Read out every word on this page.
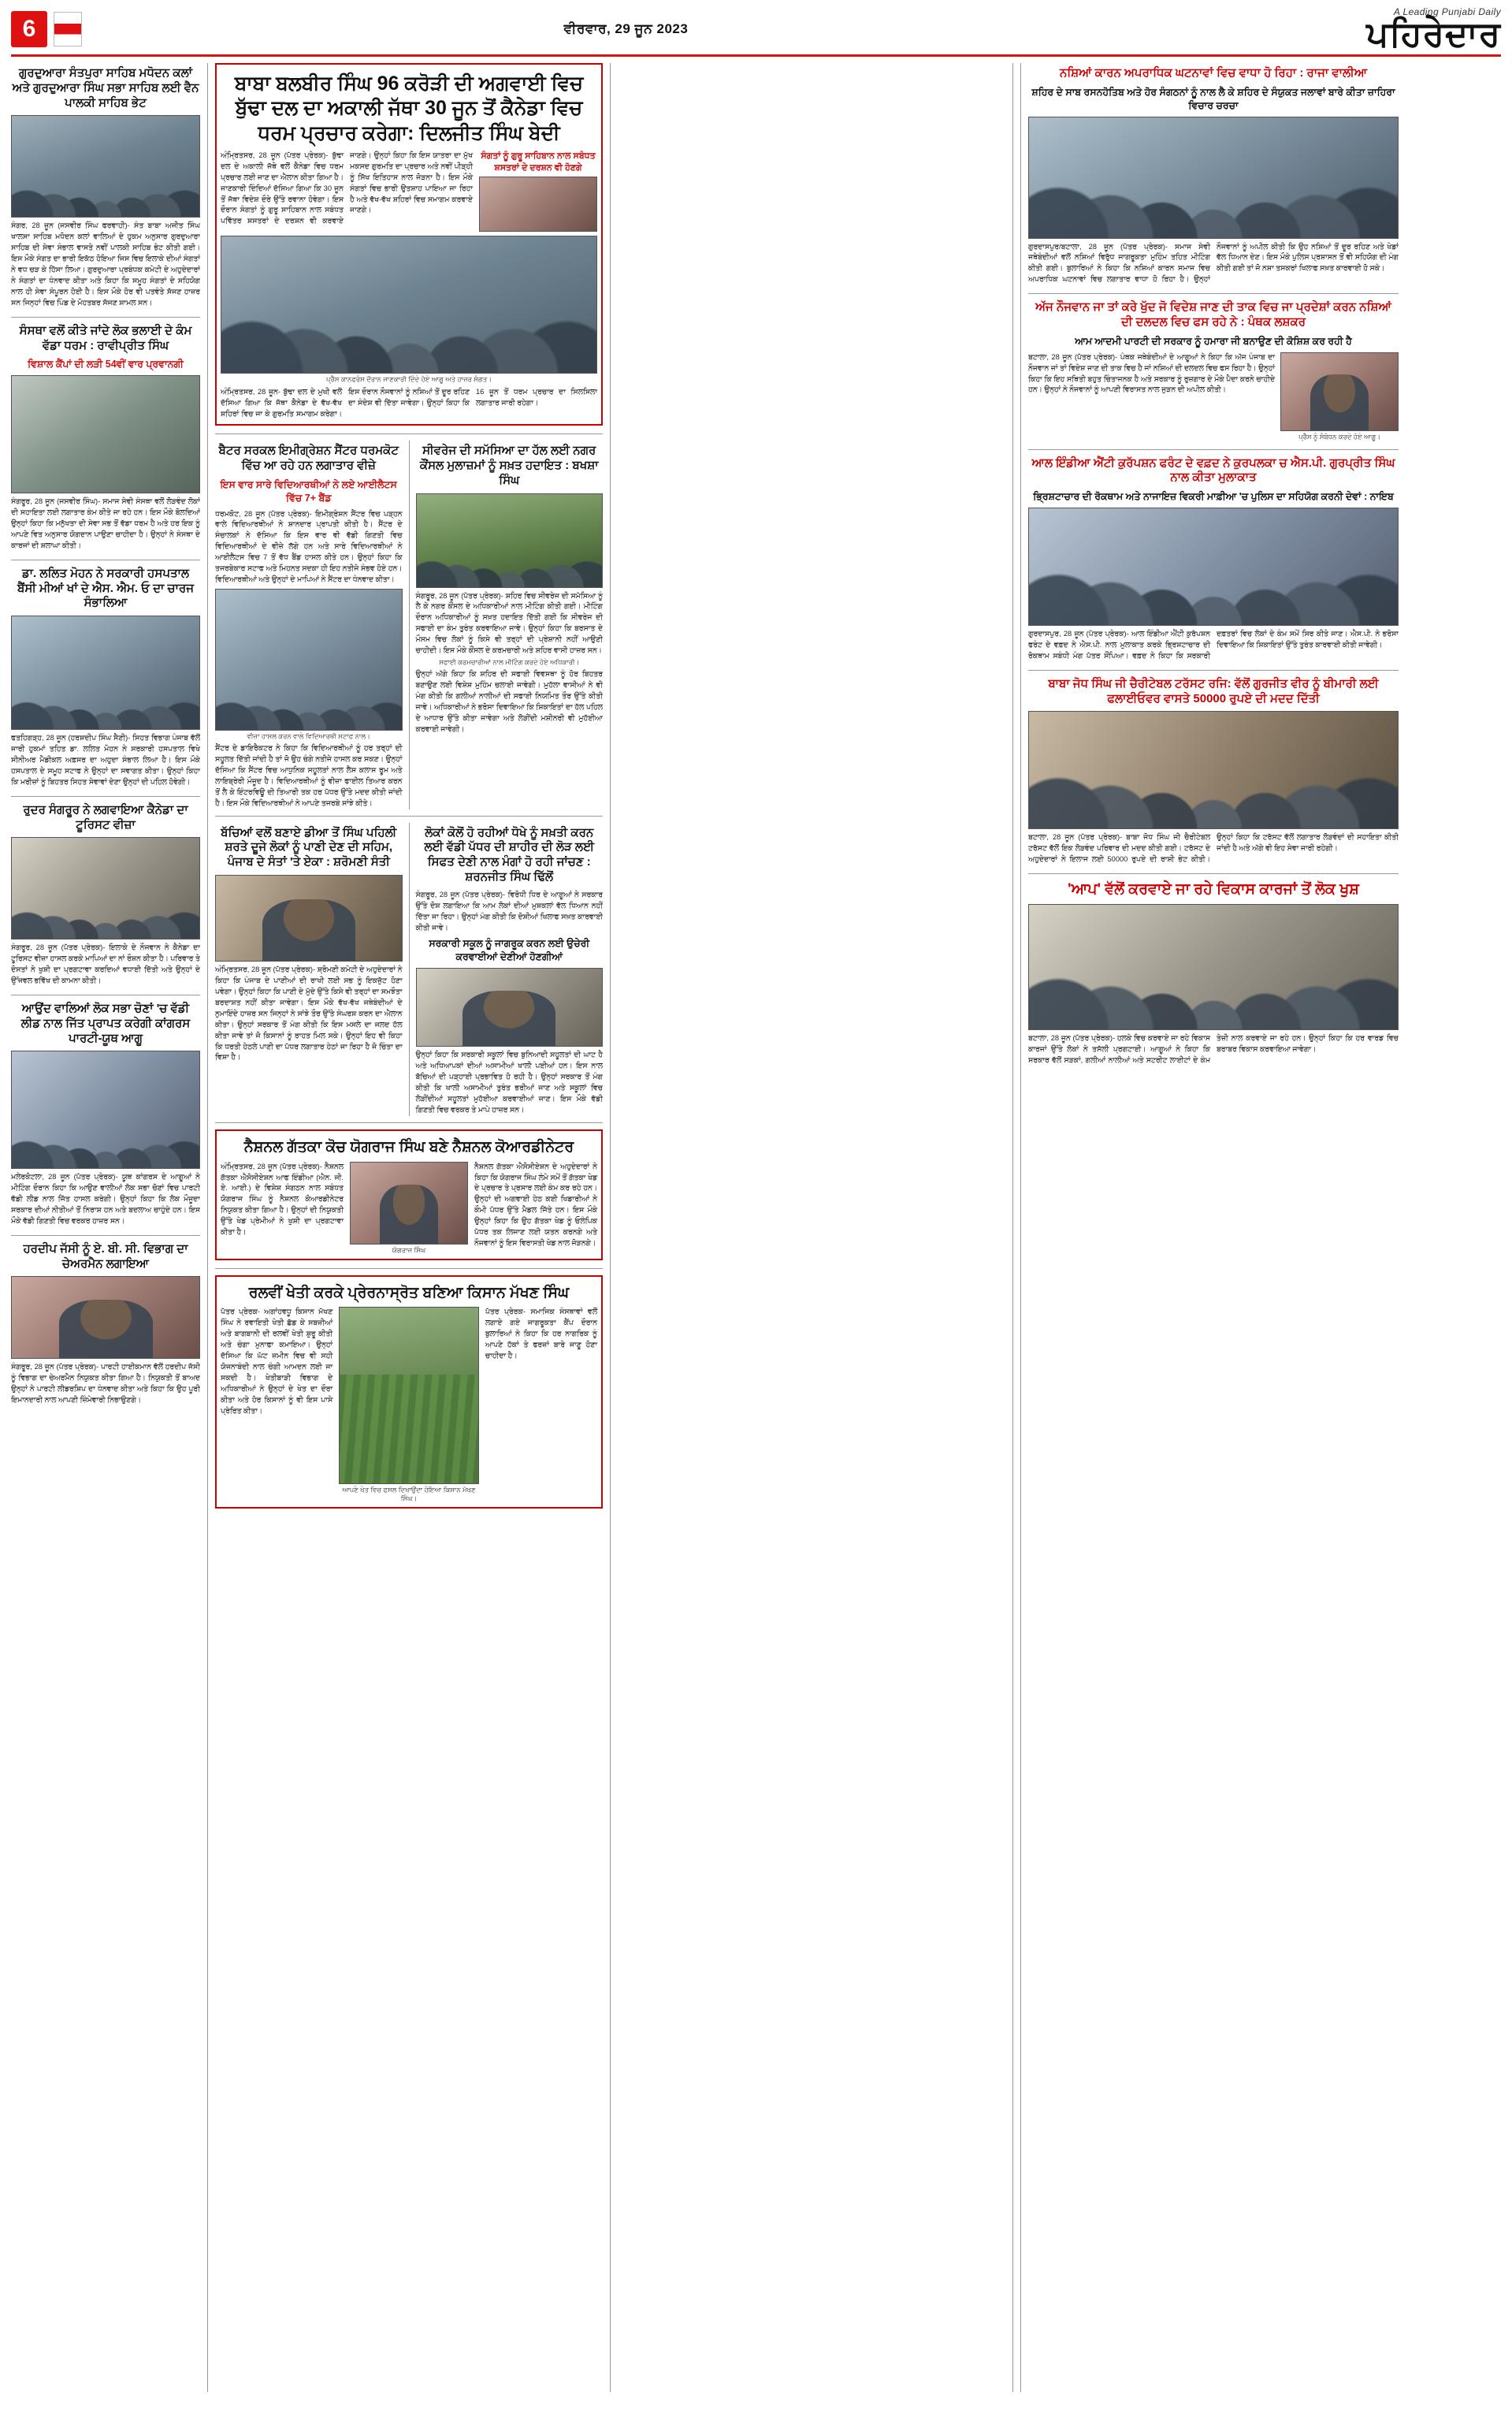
6	ਵੀਰਵਾਰ, 29 ਜੂਨ 2023
A Leading Punjabi Daily
ਪਹਿਰੇਦਾਰ
ਗੁਰਦੁਆਰਾ ਸੰਤਪੁਰਾ ਸਾਹਿਬ ਮਧੋਦਨ ਕਲਾਂ ਅਤੇ ਗੁਰਦੁਆਰਾ ਸਿੰਘ ਸਭਾ ਸਾਹਿਬ ਲਈ ਵੈਨ ਪਾਲਕੀ ਸਾਹਿਬ ਭੇਟ
ਸੰਗਰ, 28 ਜੂਨ (ਜਸਵੀਰ ਸਿੰਘ ਫਰਵਾਹੀ)- ਸੰਤ ਬਾਬਾ ਅਜੀਤ ਸਿੰਘ ਖਾਲਸਾ ਸਾਹਿਬ ਮਧੋਦਨ ਕਲਾਂ ਵਾਲਿਆਂ ਦੇ ਹੁਕਮ ਅਨੁਸਾਰ ਗੁਰਦੁਆਰਾ ਸਾਹਿਬ ਦੀ ਸੇਵਾ ਸੰਭਾਲ ਵਾਸਤੇ ਨਵੀਂ ਪਾਲਕੀ ਸਾਹਿਬ ਭੇਟ ਕੀਤੀ ਗਈ। ਇਸ ਮੌਕੇ ਸੰਗਤ ਦਾ ਭਾਰੀ ਇਕੱਠ ਹੋਇਆ ਜਿਸ ਵਿਚ ਇਲਾਕੇ ਦੀਆਂ ਸੰਗਤਾਂ ਨੇ ਵਧ ਚੜ ਕੇ ਹਿੱਸਾ ਲਿਆ। ਗੁਰਦੁਆਰਾ ਪ੍ਰਬੰਧਕ ਕਮੇਟੀ ਦੇ ਅਹੁਦੇਦਾਰਾਂ ਨੇ ਸੰਗਤਾਂ ਦਾ ਧੰਨਵਾਦ ਕੀਤਾ ਅਤੇ ਕਿਹਾ ਕਿ ਸਮੂਹ ਸੰਗਤਾਂ ਦੇ ਸਹਿਯੋਗ ਨਾਲ ਹੀ ਸੇਵਾ ਸੰਪੂਰਨ ਹੋਈ ਹੈ। ਇਸ ਮੌਕੇ ਹੋਰ ਵੀ ਪਤਵੰਤੇ ਸੱਜਣ ਹਾਜ਼ਰ ਸਨ ਜਿਨ੍ਹਾਂ ਵਿਚ ਪਿੰਡ ਦੇ ਮੋਹਤਬਰ ਸੱਜਣ ਸ਼ਾਮਲ ਸਨ।
ਸੰਸਥਾ ਵਲੋਂ ਕੀਤੇ ਜਾਂਦੇ ਲੋਕ ਭਲਾਈ ਦੇ ਕੰਮ ਵੱਡਾ ਧਰਮ : ਰਾਵੀਪ੍ਰੀਤ ਸਿੰਘ
ਵਿਸ਼ਾਲ ਕੈਂਪਾਂ ਦੀ ਲੜੀ 54ਵੀਂ ਵਾਰ ਪ੍ਰਵਾਨਗੀ
ਸੰਗਰੂਰ, 28 ਜੂਨ (ਜਸਵੀਰ ਸਿੰਘ)- ਸਮਾਜ ਸੇਵੀ ਸੰਸਥਾ ਵਲੋਂ ਲੋੜਵੰਦ ਲੋਕਾਂ ਦੀ ਸਹਾਇਤਾ ਲਈ ਲਗਾਤਾਰ ਕੰਮ ਕੀਤੇ ਜਾ ਰਹੇ ਹਨ। ਇਸ ਮੌਕੇ ਬੋਲਦਿਆਂ ਉਨ੍ਹਾਂ ਕਿਹਾ ਕਿ ਮਨੁੱਖਤਾ ਦੀ ਸੇਵਾ ਸਭ ਤੋਂ ਵੱਡਾ ਧਰਮ ਹੈ ਅਤੇ ਹਰ ਇਕ ਨੂੰ ਆਪਣੇ ਵਿਤ ਅਨੁਸਾਰ ਯੋਗਦਾਨ ਪਾਉਣਾ ਚਾਹੀਦਾ ਹੈ। ਉਨ੍ਹਾਂ ਨੇ ਸੰਸਥਾ ਦੇ ਕਾਰਜਾਂ ਦੀ ਸ਼ਲਾਘਾ ਕੀਤੀ।
ਡਾ. ਲਲਿਤ ਮੋਹਨ ਨੇ ਸਰਕਾਰੀ ਹਸਪਤਾਲ ਬੈਂਸੀ ਮੀਆਂ ਖਾਂ ਦੇ ਐਸ. ਐਮ. ਓ ਦਾ ਚਾਰਜ ਸੰਭਾਲਿਆ
ਫਤਹਿਗੜ੍ਹ, 28 ਜੂਨ (ਹਰਸ਼ਦੀਪ ਸਿੰਘ ਸੈਣੀ)- ਸਿਹਤ ਵਿਭਾਗ ਪੰਜਾਬ ਵੱਲੋਂ ਜਾਰੀ ਹੁਕਮਾਂ ਤਹਿਤ ਡਾ. ਲਲਿਤ ਮੋਹਨ ਨੇ ਸਰਕਾਰੀ ਹਸਪਤਾਲ ਵਿਖੇ ਸੀਨੀਅਰ ਮੈਡੀਕਲ ਅਫ਼ਸਰ ਦਾ ਅਹੁਦਾ ਸੰਭਾਲ ਲਿਆ ਹੈ। ਇਸ ਮੌਕੇ ਹਸਪਤਾਲ ਦੇ ਸਮੂਹ ਸਟਾਫ ਨੇ ਉਨ੍ਹਾਂ ਦਾ ਸਵਾਗਤ ਕੀਤਾ। ਉਨ੍ਹਾਂ ਕਿਹਾ ਕਿ ਮਰੀਜ਼ਾਂ ਨੂੰ ਬਿਹਤਰ ਸਿਹਤ ਸੇਵਾਵਾਂ ਦੇਣਾ ਉਨ੍ਹਾਂ ਦੀ ਪਹਿਲ ਹੋਵੇਗੀ।
ਰੁਦਰ ਸੰਗਰੂਰ ਨੇ ਲਗਵਾਇਆ ਕੈਨੇਡਾ ਦਾ ਟੂਰਿਸਟ ਵੀਜ਼ਾ
ਸੰਗਰੂਰ, 28 ਜੂਨ (ਪੱਤਰ ਪ੍ਰੇਰਕ)- ਇਲਾਕੇ ਦੇ ਨੌਜਵਾਨ ਨੇ ਕੈਨੇਡਾ ਦਾ ਟੂਰਿਸਟ ਵੀਜ਼ਾ ਹਾਸਲ ਕਰਕੇ ਮਾਪਿਆਂ ਦਾ ਨਾਂ ਰੌਸ਼ਨ ਕੀਤਾ ਹੈ। ਪਰਿਵਾਰ ਤੇ ਦੋਸਤਾਂ ਨੇ ਖੁਸ਼ੀ ਦਾ ਪ੍ਰਗਟਾਵਾ ਕਰਦਿਆਂ ਵਧਾਈ ਦਿੱਤੀ ਅਤੇ ਉਨ੍ਹਾਂ ਦੇ ਉੱਜਵਲ ਭਵਿੱਖ ਦੀ ਕਾਮਨਾ ਕੀਤੀ।
ਆਉਂਦ ਵਾਲਿਆਂ ਲੋਕ ਸਭਾ ਚੋਣਾਂ 'ਚ ਵੱਡੀ ਲੀਡ ਨਾਲ ਜਿੱਤ ਪ੍ਰਾਪਤ ਕਰੇਗੀ ਕਾਂਗਰਸ ਪਾਰਟੀ-ਯੂਥ ਆਗੂ
ਮਲੇਰਕੋਟਲਾ, 28 ਜੂਨ (ਪੱਤਰ ਪ੍ਰੇਰਕ)- ਯੂਥ ਕਾਂਗਰਸ ਦੇ ਆਗੂਆਂ ਨੇ ਮੀਟਿੰਗ ਦੌਰਾਨ ਕਿਹਾ ਕਿ ਆਉਣ ਵਾਲੀਆਂ ਲੋਕ ਸਭਾ ਚੋਣਾਂ ਵਿਚ ਪਾਰਟੀ ਵੱਡੀ ਲੀਡ ਨਾਲ ਜਿੱਤ ਹਾਸਲ ਕਰੇਗੀ। ਉਨ੍ਹਾਂ ਕਿਹਾ ਕਿ ਲੋਕ ਮੌਜੂਦਾ ਸਰਕਾਰ ਦੀਆਂ ਨੀਤੀਆਂ ਤੋਂ ਨਿਰਾਸ਼ ਹਨ ਅਤੇ ਬਦਲਾਅ ਚਾਹੁੰਦੇ ਹਨ। ਇਸ ਮੌਕੇ ਵੱਡੀ ਗਿਣਤੀ ਵਿਚ ਵਰਕਰ ਹਾਜ਼ਰ ਸਨ।
ਹਰਦੀਪ ਜੱਸੀ ਨੂੰ ਏ. ਬੀ. ਸੀ. ਵਿਭਾਗ ਦਾ ਚੇਅਰਮੈਨ ਲਗਾਇਆ
ਸੰਗਰੂਰ, 28 ਜੂਨ (ਪੱਤਰ ਪ੍ਰੇਰਕ)- ਪਾਰਟੀ ਹਾਈਕਮਾਨ ਵੱਲੋਂ ਹਰਦੀਪ ਜੱਸੀ ਨੂੰ ਵਿਭਾਗ ਦਾ ਚੇਅਰਮੈਨ ਨਿਯੁਕਤ ਕੀਤਾ ਗਿਆ ਹੈ। ਨਿਯੁਕਤੀ ਤੋਂ ਬਾਅਦ ਉਨ੍ਹਾਂ ਨੇ ਪਾਰਟੀ ਲੀਡਰਸ਼ਿਪ ਦਾ ਧੰਨਵਾਦ ਕੀਤਾ ਅਤੇ ਕਿਹਾ ਕਿ ਉਹ ਪੂਰੀ ਇਮਾਨਦਾਰੀ ਨਾਲ ਆਪਣੀ ਜ਼ਿੰਮੇਵਾਰੀ ਨਿਭਾਉਣਗੇ।
ਬਾਬਾ ਬਲਬੀਰ ਸਿੰਘ 96 ਕਰੋੜੀ ਦੀ ਅਗਵਾਈ ਵਿਚ ਬੁੱਢਾ ਦਲ ਦਾ ਅਕਾਲੀ ਜੱਥਾ 30 ਜੂਨ ਤੋਂ ਕੈਨੇਡਾ ਵਿਚ ਧਰਮ ਪ੍ਰਚਾਰ ਕਰੇਗਾ: ਦਿਲਜੀਤ ਸਿੰਘ ਬੇਦੀ
ਅੰਮ੍ਰਿਤਸਰ, 28 ਜੂਨ (ਪੱਤਰ ਪ੍ਰੇਰਕ)- ਬੁੱਢਾ ਦਲ ਦੇ ਅਕਾਲੀ ਜੱਥੇ ਵਲੋਂ ਕੈਨੇਡਾ ਵਿਚ ਧਰਮ ਪ੍ਰਚਾਰ ਲਈ ਜਾਣ ਦਾ ਐਲਾਨ ਕੀਤਾ ਗਿਆ ਹੈ। ਜਾਣਕਾਰੀ ਦਿੰਦਿਆਂ ਦੱਸਿਆ ਗਿਆ ਕਿ 30 ਜੂਨ ਤੋਂ ਜੱਥਾ ਵਿਦੇਸ਼ ਦੌਰੇ ਉੱਤੇ ਰਵਾਨਾ ਹੋਵੇਗਾ। ਇਸ ਦੌਰਾਨ ਸੰਗਤਾਂ ਨੂੰ ਗੁਰੂ ਸਾਹਿਬਾਨ ਨਾਲ ਸਬੰਧਤ ਪਵਿੱਤਰ ਸ਼ਸਤਰਾਂ ਦੇ ਦਰਸ਼ਨ ਵੀ ਕਰਵਾਏ ਜਾਣਗੇ। ਉਨ੍ਹਾਂ ਕਿਹਾ ਕਿ ਇਸ ਯਾਤਰਾ ਦਾ ਮੁੱਖ ਮਕਸਦ ਗੁਰਮਤਿ ਦਾ ਪ੍ਰਚਾਰ ਅਤੇ ਨਵੀਂ ਪੀੜ੍ਹੀ ਨੂੰ ਸਿੱਖ ਇਤਿਹਾਸ ਨਾਲ ਜੋੜਨਾ ਹੈ। ਇਸ ਮੌਕੇ ਸੰਗਤਾਂ ਵਿਚ ਭਾਰੀ ਉਤਸ਼ਾਹ ਪਾਇਆ ਜਾ ਰਿਹਾ ਹੈ ਅਤੇ ਵੱਖ-ਵੱਖ ਸ਼ਹਿਰਾਂ ਵਿਚ ਸਮਾਗਮ ਕਰਵਾਏ ਜਾਣਗੇ।
ਸੰਗਤਾਂ ਨੂੰ ਗੁਰੂ ਸਾਹਿਬਾਨ ਨਾਲ ਸਬੰਧਤ ਸ਼ਸਤਰਾਂ ਦੇ ਦਰਸ਼ਨ ਵੀ ਹੋਣਗੇ
ਪ੍ਰੈੱਸ ਕਾਨਫਰੰਸ ਦੌਰਾਨ ਜਾਣਕਾਰੀ ਦਿੰਦੇ ਹੋਏ ਆਗੂ ਅਤੇ ਹਾਜ਼ਰ ਸੰਗਤ।
ਅੰਮ੍ਰਿਤਸਰ, 28 ਜੂਨ- ਬੁੱਢਾ ਦਲ ਦੇ ਮੁਖੀ ਵਲੋਂ ਦੱਸਿਆ ਗਿਆ ਕਿ ਜੱਥਾ ਕੈਨੇਡਾ ਦੇ ਵੱਖ-ਵੱਖ ਸ਼ਹਿਰਾਂ ਵਿਚ ਜਾ ਕੇ ਗੁਰਮਤਿ ਸਮਾਗਮ ਕਰੇਗਾ। ਇਸ ਦੌਰਾਨ ਨੌਜਵਾਨਾਂ ਨੂੰ ਨਸ਼ਿਆਂ ਤੋਂ ਦੂਰ ਰਹਿਣ ਦਾ ਸੰਦੇਸ਼ ਵੀ ਦਿੱਤਾ ਜਾਵੇਗਾ। ਉਨ੍ਹਾਂ ਕਿਹਾ ਕਿ 16 ਜੂਨ ਤੋਂ ਧਰਮ ਪ੍ਰਚਾਰ ਦਾ ਸਿਲਸਿਲਾ ਲਗਾਤਾਰ ਜਾਰੀ ਰਹੇਗਾ।
ਬੈਟਰ ਸਰਕਲ ਇਮੀਗ੍ਰੇਸ਼ਨ ਸੈਂਟਰ ਧਰਮਕੋਟ ਵਿੱਚ ਆ ਰਹੇ ਹਨ ਲਗਾਤਾਰ ਵੀਜ਼ੇ
ਇਸ ਵਾਰ ਸਾਰੇ ਵਿਦਿਆਰਥੀਆਂ ਨੇ ਲਏ ਆਈਲੈਟਸ ਵਿੱਚ 7+ ਬੈਂਡ
ਧਰਮਕੋਟ, 28 ਜੂਨ (ਪੱਤਰ ਪ੍ਰੇਰਕ)- ਇਮੀਗ੍ਰੇਸ਼ਨ ਸੈਂਟਰ ਵਿਚ ਪੜ੍ਹਨ ਵਾਲੇ ਵਿਦਿਆਰਥੀਆਂ ਨੇ ਸ਼ਾਨਦਾਰ ਪ੍ਰਾਪਤੀ ਕੀਤੀ ਹੈ। ਸੈਂਟਰ ਦੇ ਸੰਚਾਲਕਾਂ ਨੇ ਦੱਸਿਆ ਕਿ ਇਸ ਵਾਰ ਵੀ ਵੱਡੀ ਗਿਣਤੀ ਵਿਚ ਵਿਦਿਆਰਥੀਆਂ ਦੇ ਵੀਜ਼ੇ ਲੱਗੇ ਹਨ ਅਤੇ ਸਾਰੇ ਵਿਦਿਆਰਥੀਆਂ ਨੇ ਆਈਲੈਟਸ ਵਿਚ 7 ਤੋਂ ਵੱਧ ਬੈਂਡ ਹਾਸਲ ਕੀਤੇ ਹਨ। ਉਨ੍ਹਾਂ ਕਿਹਾ ਕਿ ਤਜਰਬੇਕਾਰ ਸਟਾਫ ਅਤੇ ਮਿਹਨਤ ਸਦਕਾ ਹੀ ਇਹ ਨਤੀਜੇ ਸੰਭਵ ਹੋਏ ਹਨ। ਵਿਦਿਆਰਥੀਆਂ ਅਤੇ ਉਨ੍ਹਾਂ ਦੇ ਮਾਪਿਆਂ ਨੇ ਸੈਂਟਰ ਦਾ ਧੰਨਵਾਦ ਕੀਤਾ।
ਵੀਜ਼ਾ ਹਾਸਲ ਕਰਨ ਵਾਲੇ ਵਿਦਿਆਰਥੀ ਸਟਾਫ ਨਾਲ।
ਸੈਂਟਰ ਦੇ ਡਾਇਰੈਕਟਰ ਨੇ ਕਿਹਾ ਕਿ ਵਿਦਿਆਰਥੀਆਂ ਨੂੰ ਹਰ ਤਰ੍ਹਾਂ ਦੀ ਸਹੂਲਤ ਦਿੱਤੀ ਜਾਂਦੀ ਹੈ ਤਾਂ ਜੋ ਉਹ ਚੰਗੇ ਨਤੀਜੇ ਹਾਸਲ ਕਰ ਸਕਣ। ਉਨ੍ਹਾਂ ਦੱਸਿਆ ਕਿ ਸੈਂਟਰ ਵਿਚ ਆਧੁਨਿਕ ਸਹੂਲਤਾਂ ਨਾਲ ਲੈਸ ਕਲਾਸ ਰੂਮ ਅਤੇ ਲਾਇਬ੍ਰੇਰੀ ਮੌਜੂਦ ਹੈ। ਵਿਦਿਆਰਥੀਆਂ ਨੂੰ ਵੀਜ਼ਾ ਫਾਈਲ ਤਿਆਰ ਕਰਨ ਤੋਂ ਲੈ ਕੇ ਇੰਟਰਵਿਊ ਦੀ ਤਿਆਰੀ ਤਕ ਹਰ ਪੱਧਰ ਉੱਤੇ ਮਦਦ ਕੀਤੀ ਜਾਂਦੀ ਹੈ। ਇਸ ਮੌਕੇ ਵਿਦਿਆਰਥੀਆਂ ਨੇ ਆਪਣੇ ਤਜਰਬੇ ਸਾਂਝੇ ਕੀਤੇ।
ਸੀਵਰੇਜ ਦੀ ਸਮੱਸਿਆ ਦਾ ਹੱਲ ਲਈ ਨਗਰ ਕੌਂਸਲ ਮੁਲਾਜ਼ਮਾਂ ਨੂੰ ਸਖ਼ਤ ਹਦਾਇਤ : ਬਖਸ਼ਾ ਸਿੰਘ
ਸੰਗਰੂਰ, 28 ਜੂਨ (ਪੱਤਰ ਪ੍ਰੇਰਕ)- ਸ਼ਹਿਰ ਵਿਚ ਸੀਵਰੇਜ ਦੀ ਸਮੱਸਿਆ ਨੂੰ ਲੈ ਕੇ ਨਗਰ ਕੌਂਸਲ ਦੇ ਅਧਿਕਾਰੀਆਂ ਨਾਲ ਮੀਟਿੰਗ ਕੀਤੀ ਗਈ। ਮੀਟਿੰਗ ਦੌਰਾਨ ਅਧਿਕਾਰੀਆਂ ਨੂੰ ਸਖ਼ਤ ਹਦਾਇਤ ਦਿੱਤੀ ਗਈ ਕਿ ਸੀਵਰੇਜ ਦੀ ਸਫਾਈ ਦਾ ਕੰਮ ਤੁਰੰਤ ਕਰਵਾਇਆ ਜਾਵੇ। ਉਨ੍ਹਾਂ ਕਿਹਾ ਕਿ ਬਰਸਾਤ ਦੇ ਮੌਸਮ ਵਿਚ ਲੋਕਾਂ ਨੂੰ ਕਿਸੇ ਵੀ ਤਰ੍ਹਾਂ ਦੀ ਪ੍ਰੇਸ਼ਾਨੀ ਨਹੀਂ ਆਉਣੀ ਚਾਹੀਦੀ। ਇਸ ਮੌਕੇ ਕੌਂਸਲ ਦੇ ਕਰਮਚਾਰੀ ਅਤੇ ਸ਼ਹਿਰ ਵਾਸੀ ਹਾਜ਼ਰ ਸਨ।
ਸਫਾਈ ਕਰਮਚਾਰੀਆਂ ਨਾਲ ਮੀਟਿੰਗ ਕਰਦੇ ਹੋਏ ਅਧਿਕਾਰੀ।
ਉਨ੍ਹਾਂ ਅੱਗੇ ਕਿਹਾ ਕਿ ਸ਼ਹਿਰ ਦੀ ਸਫਾਈ ਵਿਵਸਥਾ ਨੂੰ ਹੋਰ ਬਿਹਤਰ ਬਣਾਉਣ ਲਈ ਵਿਸ਼ੇਸ਼ ਮੁਹਿੰਮ ਚਲਾਈ ਜਾਵੇਗੀ। ਮੁਹੱਲਾ ਵਾਸੀਆਂ ਨੇ ਵੀ ਮੰਗ ਕੀਤੀ ਕਿ ਗਲੀਆਂ ਨਾਲੀਆਂ ਦੀ ਸਫਾਈ ਨਿਯਮਿਤ ਤੌਰ ਉੱਤੇ ਕੀਤੀ ਜਾਵੇ। ਅਧਿਕਾਰੀਆਂ ਨੇ ਭਰੋਸਾ ਦਿਵਾਇਆ ਕਿ ਸ਼ਿਕਾਇਤਾਂ ਦਾ ਹੱਲ ਪਹਿਲ ਦੇ ਆਧਾਰ ਉੱਤੇ ਕੀਤਾ ਜਾਵੇਗਾ ਅਤੇ ਲੋੜੀਂਦੀ ਮਸ਼ੀਨਰੀ ਵੀ ਮੁਹੱਈਆ ਕਰਵਾਈ ਜਾਵੇਗੀ।
ਬੱਚਿਆਂ ਵਲੋਂ ਬਣਾਏ ਡੀਆ ਤੋਂ ਸਿੰਘ ਪਹਿਲੀ ਸ਼ਰਤੇ ਦੂਜੇ ਲੋਕਾਂ ਨੂੰ ਪਾਣੀ ਦੇਣ ਦੀ ਸਹਿਮ, ਪੰਜਾਬ ਦੇ ਸੰਤਾਂ 'ਤੇ ਏਕਾ : ਸ਼ਰੋਮਣੀ ਸੰਤੀ
ਅੰਮ੍ਰਿਤਸਰ, 28 ਜੂਨ (ਪੱਤਰ ਪ੍ਰੇਰਕ)- ਸ਼੍ਰੋਮਣੀ ਕਮੇਟੀ ਦੇ ਅਹੁਦੇਦਾਰਾਂ ਨੇ ਕਿਹਾ ਕਿ ਪੰਜਾਬ ਦੇ ਪਾਣੀਆਂ ਦੀ ਰਾਖੀ ਲਈ ਸਭ ਨੂੰ ਇਕਜੁੱਟ ਹੋਣਾ ਪਵੇਗਾ। ਉਨ੍ਹਾਂ ਕਿਹਾ ਕਿ ਪਾਣੀ ਦੇ ਮੁੱਦੇ ਉੱਤੇ ਕਿਸੇ ਵੀ ਤਰ੍ਹਾਂ ਦਾ ਸਮਝੌਤਾ ਬਰਦਾਸ਼ਤ ਨਹੀਂ ਕੀਤਾ ਜਾਵੇਗਾ। ਇਸ ਮੌਕੇ ਵੱਖ-ਵੱਖ ਜਥੇਬੰਦੀਆਂ ਦੇ ਨੁਮਾਇੰਦੇ ਹਾਜ਼ਰ ਸਨ ਜਿਨ੍ਹਾਂ ਨੇ ਸਾਂਝੇ ਤੌਰ ਉੱਤੇ ਸੰਘਰਸ਼ ਕਰਨ ਦਾ ਐਲਾਨ ਕੀਤਾ। ਉਨ੍ਹਾਂ ਸਰਕਾਰ ਤੋਂ ਮੰਗ ਕੀਤੀ ਕਿ ਇਸ ਮਸਲੇ ਦਾ ਜਲਦ ਹੱਲ ਕੀਤਾ ਜਾਵੇ ਤਾਂ ਜੋ ਕਿਸਾਨਾਂ ਨੂੰ ਰਾਹਤ ਮਿਲ ਸਕੇ। ਉਨ੍ਹਾਂ ਇਹ ਵੀ ਕਿਹਾ ਕਿ ਧਰਤੀ ਹੇਠਲੇ ਪਾਣੀ ਦਾ ਪੱਧਰ ਲਗਾਤਾਰ ਹੇਠਾਂ ਜਾ ਰਿਹਾ ਹੈ ਜੋ ਚਿੰਤਾ ਦਾ ਵਿਸ਼ਾ ਹੈ।
ਲੋਕਾਂ ਕੋਲੋਂ ਹੋ ਰਹੀਆਂ ਧੋਖੇ ਨੂੰ ਸਖ਼ਤੀ ਕਰਨ ਲਈ ਵੱਡੀ ਪੱਧਰ ਦੀ ਸ਼ਾਹੀਰ ਦੀ ਲੋੜ ਲਈ ਸਿਫਤ ਦੇਣੀ ਨਾਲ ਮੰਗਾਂ ਹੋ ਰਹੀ ਜਾਂਚਣ : ਸ਼ਰਨਜੀਤ ਸਿੰਘ ਢਿੱਲੋਂ
ਸੰਗਰੂਰ, 28 ਜੂਨ (ਪੱਤਰ ਪ੍ਰੇਰਕ)- ਵਿਰੋਧੀ ਧਿਰ ਦੇ ਆਗੂਆਂ ਨੇ ਸਰਕਾਰ ਉੱਤੇ ਦੋਸ਼ ਲਗਾਇਆ ਕਿ ਆਮ ਲੋਕਾਂ ਦੀਆਂ ਮੁਸ਼ਕਲਾਂ ਵੱਲ ਧਿਆਨ ਨਹੀਂ ਦਿੱਤਾ ਜਾ ਰਿਹਾ। ਉਨ੍ਹਾਂ ਮੰਗ ਕੀਤੀ ਕਿ ਦੋਸ਼ੀਆਂ ਖਿਲਾਫ ਸਖ਼ਤ ਕਾਰਵਾਈ ਕੀਤੀ ਜਾਵੇ।
ਸਰਕਾਰੀ ਸਕੂਲ ਨੂੰ ਜਾਗਰੂਕ ਕਰਨ ਲਈ ਉਚੇਰੀ ਕਰਵਾਈਆਂ ਦੇਣੀਆਂ ਹੋਣਗੀਆਂ
ਉਨ੍ਹਾਂ ਕਿਹਾ ਕਿ ਸਰਕਾਰੀ ਸਕੂਲਾਂ ਵਿਚ ਬੁਨਿਆਦੀ ਸਹੂਲਤਾਂ ਦੀ ਘਾਟ ਹੈ ਅਤੇ ਅਧਿਆਪਕਾਂ ਦੀਆਂ ਅਸਾਮੀਆਂ ਖਾਲੀ ਪਈਆਂ ਹਨ। ਇਸ ਨਾਲ ਬੱਚਿਆਂ ਦੀ ਪੜ੍ਹਾਈ ਪ੍ਰਭਾਵਿਤ ਹੋ ਰਹੀ ਹੈ। ਉਨ੍ਹਾਂ ਸਰਕਾਰ ਤੋਂ ਮੰਗ ਕੀਤੀ ਕਿ ਖਾਲੀ ਅਸਾਮੀਆਂ ਤੁਰੰਤ ਭਰੀਆਂ ਜਾਣ ਅਤੇ ਸਕੂਲਾਂ ਵਿਚ ਲੋੜੀਂਦੀਆਂ ਸਹੂਲਤਾਂ ਮੁਹੱਈਆ ਕਰਵਾਈਆਂ ਜਾਣ। ਇਸ ਮੌਕੇ ਵੱਡੀ ਗਿਣਤੀ ਵਿਚ ਵਰਕਰ ਤੇ ਮਾਪੇ ਹਾਜ਼ਰ ਸਨ।
ਨੈਸ਼ਨਲ ਗੱਤਕਾ ਕੋਚ ਯੋਗਰਾਜ ਸਿੰਘ ਬਣੇ ਨੈਸ਼ਨਲ ਕੋਆਰਡੀਨੇਟਰ
ਅੰਮ੍ਰਿਤਸਰ, 28 ਜੂਨ (ਪੱਤਰ ਪ੍ਰੇਰਕ)- ਨੈਸ਼ਨਲ ਗੱਤਕਾ ਐਸੋਸੀਏਸ਼ਨ ਆਫ ਇੰਡੀਆ (ਐਨ. ਜੀ. ਏ. ਆਈ.) ਦੇ ਵਿਸ਼ੇਸ਼ ਸੰਗਠਨ ਨਾਲ ਸਬੰਧਤ ਯੋਗਰਾਜ ਸਿੰਘ ਨੂੰ ਨੈਸ਼ਨਲ ਕੋਆਰਡੀਨੇਟਰ ਨਿਯੁਕਤ ਕੀਤਾ ਗਿਆ ਹੈ। ਉਨ੍ਹਾਂ ਦੀ ਨਿਯੁਕਤੀ ਉੱਤੇ ਖੇਡ ਪ੍ਰੇਮੀਆਂ ਨੇ ਖੁਸ਼ੀ ਦਾ ਪ੍ਰਗਟਾਵਾ ਕੀਤਾ ਹੈ।
ਯੋਗਰਾਜ ਸਿੰਘ
ਨੈਸ਼ਨਲ ਗੱਤਕਾ ਐਸੋਸੀਏਸ਼ਨ ਦੇ ਅਹੁਦੇਦਾਰਾਂ ਨੇ ਕਿਹਾ ਕਿ ਯੋਗਰਾਜ ਸਿੰਘ ਲੰਮੇ ਸਮੇਂ ਤੋਂ ਗੱਤਕਾ ਖੇਡ ਦੇ ਪ੍ਰਚਾਰ ਤੇ ਪ੍ਰਸਾਰ ਲਈ ਕੰਮ ਕਰ ਰਹੇ ਹਨ। ਉਨ੍ਹਾਂ ਦੀ ਅਗਵਾਈ ਹੇਠ ਕਈ ਖਿਡਾਰੀਆਂ ਨੇ ਕੌਮੀ ਪੱਧਰ ਉੱਤੇ ਮੈਡਲ ਜਿੱਤੇ ਹਨ। ਇਸ ਮੌਕੇ ਉਨ੍ਹਾਂ ਕਿਹਾ ਕਿ ਉਹ ਗੱਤਕਾ ਖੇਡ ਨੂੰ ਓਲੰਪਿਕ ਪੱਧਰ ਤਕ ਲਿਜਾਣ ਲਈ ਯਤਨ ਕਰਨਗੇ ਅਤੇ ਨੌਜਵਾਨਾਂ ਨੂੰ ਇਸ ਵਿਰਾਸਤੀ ਖੇਡ ਨਾਲ ਜੋੜਨਗੇ।
ਰਲਵੀਂ ਖੇਤੀ ਕਰਕੇ ਪ੍ਰੇਰਨਾਸ੍ਰੋਤ ਬਣਿਆ ਕਿਸਾਨ ਮੱਖਣ ਸਿੰਘ
ਪੱਤਰ ਪ੍ਰੇਰਕ- ਅਗਾਂਹਵਧੂ ਕਿਸਾਨ ਮੱਖਣ ਸਿੰਘ ਨੇ ਰਵਾਇਤੀ ਖੇਤੀ ਛੱਡ ਕੇ ਸਬਜ਼ੀਆਂ ਅਤੇ ਬਾਗਬਾਨੀ ਦੀ ਰਲਵੀਂ ਖੇਤੀ ਸ਼ੁਰੂ ਕੀਤੀ ਅਤੇ ਚੰਗਾ ਮੁਨਾਫਾ ਕਮਾਇਆ। ਉਨ੍ਹਾਂ ਦੱਸਿਆ ਕਿ ਘੱਟ ਜ਼ਮੀਨ ਵਿਚ ਵੀ ਸਹੀ ਯੋਜਨਾਬੰਦੀ ਨਾਲ ਚੰਗੀ ਆਮਦਨ ਲਈ ਜਾ ਸਕਦੀ ਹੈ। ਖੇਤੀਬਾੜੀ ਵਿਭਾਗ ਦੇ ਅਧਿਕਾਰੀਆਂ ਨੇ ਉਨ੍ਹਾਂ ਦੇ ਖੇਤ ਦਾ ਦੌਰਾ ਕੀਤਾ ਅਤੇ ਹੋਰ ਕਿਸਾਨਾਂ ਨੂੰ ਵੀ ਇਸ ਪਾਸੇ ਪ੍ਰੇਰਿਤ ਕੀਤਾ।
ਆਪਣੇ ਖੇਤ ਵਿਚ ਫਸਲ ਦਿਖਾਉਂਦਾ ਹੋਇਆ ਕਿਸਾਨ ਮੱਖਣ ਸਿੰਘ।
ਪੱਤਰ ਪ੍ਰੇਰਕ- ਸਮਾਜਿਕ ਸੰਸਥਾਵਾਂ ਵਲੋਂ ਲਗਾਏ ਗਏ ਜਾਗਰੂਕਤਾ ਕੈਂਪ ਦੌਰਾਨ ਬੁਲਾਰਿਆਂ ਨੇ ਕਿਹਾ ਕਿ ਹਰ ਨਾਗਰਿਕ ਨੂੰ ਆਪਣੇ ਹੱਕਾਂ ਤੇ ਫਰਜ਼ਾਂ ਬਾਰੇ ਜਾਣੂ ਹੋਣਾ ਚਾਹੀਦਾ ਹੈ।
ਨਸ਼ਿਆਂ ਕਾਰਨ ਅਪਰਾਧਿਕ ਘਟਨਾਵਾਂ ਵਿਚ ਵਾਧਾ ਹੋ ਰਿਹਾ : ਰਾਜਾ ਵਾਲੀਆ
ਸ਼ਹਿਰ ਦੇ ਸਾਬ ਰਸਨਹੋਤਿਬ ਅਤੇ ਹੋਰ ਸੰਗਠਨਾਂ ਨੂੰ ਨਾਲ ਲੈ ਕੇ ਸ਼ਹਿਰ ਦੇ ਸੰਯੁਕਤ ਜਲਾਵਾਂ ਬਾਰੇ ਕੀਤਾ ਜ਼ਾਹਿਰਾ ਵਿਚਾਰ ਚਰਚਾ
ਗੁਰਦਾਸਪੁਰ/ਬਟਾਲਾ, 28 ਜੂਨ (ਪੱਤਰ ਪ੍ਰੇਰਕ)- ਸਮਾਜ ਸੇਵੀ ਜਥੇਬੰਦੀਆਂ ਵਲੋਂ ਨਸ਼ਿਆਂ ਵਿਰੁੱਧ ਜਾਗਰੂਕਤਾ ਮੁਹਿੰਮ ਤਹਿਤ ਮੀਟਿੰਗ ਕੀਤੀ ਗਈ। ਬੁਲਾਰਿਆਂ ਨੇ ਕਿਹਾ ਕਿ ਨਸ਼ਿਆਂ ਕਾਰਨ ਸਮਾਜ ਵਿਚ ਅਪਰਾਧਿਕ ਘਟਨਾਵਾਂ ਵਿਚ ਲਗਾਤਾਰ ਵਾਧਾ ਹੋ ਰਿਹਾ ਹੈ। ਉਨ੍ਹਾਂ ਨੌਜਵਾਨਾਂ ਨੂੰ ਅਪੀਲ ਕੀਤੀ ਕਿ ਉਹ ਨਸ਼ਿਆਂ ਤੋਂ ਦੂਰ ਰਹਿਣ ਅਤੇ ਖੇਡਾਂ ਵੱਲ ਧਿਆਨ ਦੇਣ। ਇਸ ਮੌਕੇ ਪੁਲਿਸ ਪ੍ਰਸ਼ਾਸਨ ਤੋਂ ਵੀ ਸਹਿਯੋਗ ਦੀ ਮੰਗ ਕੀਤੀ ਗਈ ਤਾਂ ਜੋ ਨਸ਼ਾ ਤਸਕਰਾਂ ਖਿਲਾਫ ਸਖ਼ਤ ਕਾਰਵਾਈ ਹੋ ਸਕੇ।
ਅੱਜ ਨੌਜਵਾਨ ਜਾ ਤਾਂ ਕਰੇ ਖੁੱਦ ਜੋ ਵਿਦੇਸ਼ ਜਾਣ ਦੀ ਤਾਕ ਵਿਚ ਜਾ ਪ੍ਰਦੇਸ਼ਾਂ ਕਰਨ ਨਸ਼ਿਆਂ ਦੀ ਦਲਦਲ ਵਿਚ ਫਸ ਰਹੇ ਨੇ : ਪੰਥਕ ਲਸ਼ਕਰ
ਆਮ ਆਦਮੀ ਪਾਰਟੀ ਦੀ ਸਰਕਾਰ ਨੂੰ ਹਮਾਰਾ ਜੀ ਬਨਾਉਣ ਦੀ ਕੋਸ਼ਿਸ਼ ਕਰ ਰਹੀ ਹੈ
ਬਟਾਲਾ, 28 ਜੂਨ (ਪੱਤਰ ਪ੍ਰੇਰਕ)- ਪੰਥਕ ਜਥੇਬੰਦੀਆਂ ਦੇ ਆਗੂਆਂ ਨੇ ਕਿਹਾ ਕਿ ਅੱਜ ਪੰਜਾਬ ਦਾ ਨੌਜਵਾਨ ਜਾਂ ਤਾਂ ਵਿਦੇਸ਼ ਜਾਣ ਦੀ ਤਾਕ ਵਿਚ ਹੈ ਜਾਂ ਨਸ਼ਿਆਂ ਦੀ ਦਲਦਲ ਵਿਚ ਫਸ ਰਿਹਾ ਹੈ। ਉਨ੍ਹਾਂ ਕਿਹਾ ਕਿ ਇਹ ਸਥਿਤੀ ਬਹੁਤ ਚਿੰਤਾਜਨਕ ਹੈ ਅਤੇ ਸਰਕਾਰ ਨੂੰ ਰੁਜ਼ਗਾਰ ਦੇ ਮੌਕੇ ਪੈਦਾ ਕਰਨੇ ਚਾਹੀਦੇ ਹਨ। ਉਨ੍ਹਾਂ ਨੇ ਨੌਜਵਾਨਾਂ ਨੂੰ ਆਪਣੀ ਵਿਰਾਸਤ ਨਾਲ ਜੁੜਨ ਦੀ ਅਪੀਲ ਕੀਤੀ।
ਪ੍ਰੈੱਸ ਨੂੰ ਸੰਬੋਧਨ ਕਰਦੇ ਹੋਏ ਆਗੂ।
ਆਲ ਇੰਡੀਆ ਐਂਟੀ ਕੁਰੱਪਸ਼ਨ ਫਰੰਟ ਦੇ ਵਫ਼ਦ ਨੇ ਕੁਰਪਲਕਾ ਚ ਐਸ.ਪੀ. ਗੁਰਪ੍ਰੀਤ ਸਿੰਘ ਨਾਲ ਕੀਤਾ ਮੁਲਾਕਾਤ
ਭ੍ਰਿਸ਼ਟਾਚਾਰ ਦੀ ਰੋਕਥਾਮ ਅਤੇ ਨਾਜਾਇਜ਼ ਵਿਕਰੀ ਮਾਫ਼ੀਆ 'ਚ ਪੁਲਿਸ ਦਾ ਸਹਿਯੋਗ ਕਰਨੀ ਦੇਵਾਂ : ਨਾਇਬ
ਗੁਰਦਾਸਪੁਰ, 28 ਜੂਨ (ਪੱਤਰ ਪ੍ਰੇਰਕ)- ਆਲ ਇੰਡੀਆ ਐਂਟੀ ਕੁਰੱਪਸ਼ਨ ਫਰੰਟ ਦੇ ਵਫ਼ਦ ਨੇ ਐਸ.ਪੀ. ਨਾਲ ਮੁਲਾਕਾਤ ਕਰਕੇ ਭ੍ਰਿਸ਼ਟਾਚਾਰ ਦੀ ਰੋਕਥਾਮ ਸਬੰਧੀ ਮੰਗ ਪੱਤਰ ਸੌਂਪਿਆ। ਵਫ਼ਦ ਨੇ ਕਿਹਾ ਕਿ ਸਰਕਾਰੀ ਦਫ਼ਤਰਾਂ ਵਿਚ ਲੋਕਾਂ ਦੇ ਕੰਮ ਸਮੇਂ ਸਿਰ ਕੀਤੇ ਜਾਣ। ਐਸ.ਪੀ. ਨੇ ਭਰੋਸਾ ਦਿਵਾਇਆ ਕਿ ਸ਼ਿਕਾਇਤਾਂ ਉੱਤੇ ਤੁਰੰਤ ਕਾਰਵਾਈ ਕੀਤੀ ਜਾਵੇਗੀ।
ਬਾਬਾ ਜੋਧ ਸਿੰਘ ਜੀ ਚੈਰੀਟੇਬਲ ਟਰੱਸਟ ਰਜਿ: ਵੱਲੋਂ ਗੁਰਜੀਤ ਵੀਰ ਨੂੰ ਬੀਮਾਰੀ ਲਈ ਫਲਾਈਓਵਰ ਵਾਸਤੇ 50000 ਰੁਪਏ ਦੀ ਮਦਦ ਦਿੱਤੀ
ਬਟਾਲਾ, 28 ਜੂਨ (ਪੱਤਰ ਪ੍ਰੇਰਕ)- ਬਾਬਾ ਜੋਧ ਸਿੰਘ ਜੀ ਚੈਰੀਟੇਬਲ ਟਰੱਸਟ ਵੱਲੋਂ ਇਕ ਲੋੜਵੰਦ ਪਰਿਵਾਰ ਦੀ ਮਦਦ ਕੀਤੀ ਗਈ। ਟਰੱਸਟ ਦੇ ਅਹੁਦੇਦਾਰਾਂ ਨੇ ਇਲਾਜ ਲਈ 50000 ਰੁਪਏ ਦੀ ਰਾਸ਼ੀ ਭੇਟ ਕੀਤੀ। ਉਨ੍ਹਾਂ ਕਿਹਾ ਕਿ ਟਰੱਸਟ ਵੱਲੋਂ ਲਗਾਤਾਰ ਲੋੜਵੰਦਾਂ ਦੀ ਸਹਾਇਤਾ ਕੀਤੀ ਜਾਂਦੀ ਹੈ ਅਤੇ ਅੱਗੇ ਵੀ ਇਹ ਸੇਵਾ ਜਾਰੀ ਰਹੇਗੀ।
'ਆਪ' ਵੱਲੋਂ ਕਰਵਾਏ ਜਾ ਰਹੇ ਵਿਕਾਸ ਕਾਰਜਾਂ ਤੋਂ ਲੋਕ ਖੁਸ਼
ਬਟਾਲਾ, 28 ਜੂਨ (ਪੱਤਰ ਪ੍ਰੇਰਕ)- ਹਲਕੇ ਵਿਚ ਕਰਵਾਏ ਜਾ ਰਹੇ ਵਿਕਾਸ ਕਾਰਜਾਂ ਉੱਤੇ ਲੋਕਾਂ ਨੇ ਤਸੱਲੀ ਪ੍ਰਗਟਾਈ। ਆਗੂਆਂ ਨੇ ਕਿਹਾ ਕਿ ਸਰਕਾਰ ਵੱਲੋਂ ਸੜਕਾਂ, ਗਲੀਆਂ ਨਾਲੀਆਂ ਅਤੇ ਸਟਰੀਟ ਲਾਈਟਾਂ ਦੇ ਕੰਮ ਤੇਜ਼ੀ ਨਾਲ ਕਰਵਾਏ ਜਾ ਰਹੇ ਹਨ। ਉਨ੍ਹਾਂ ਕਿਹਾ ਕਿ ਹਰ ਵਾਰਡ ਵਿਚ ਬਰਾਬਰ ਵਿਕਾਸ ਕਰਵਾਇਆ ਜਾਵੇਗਾ।
